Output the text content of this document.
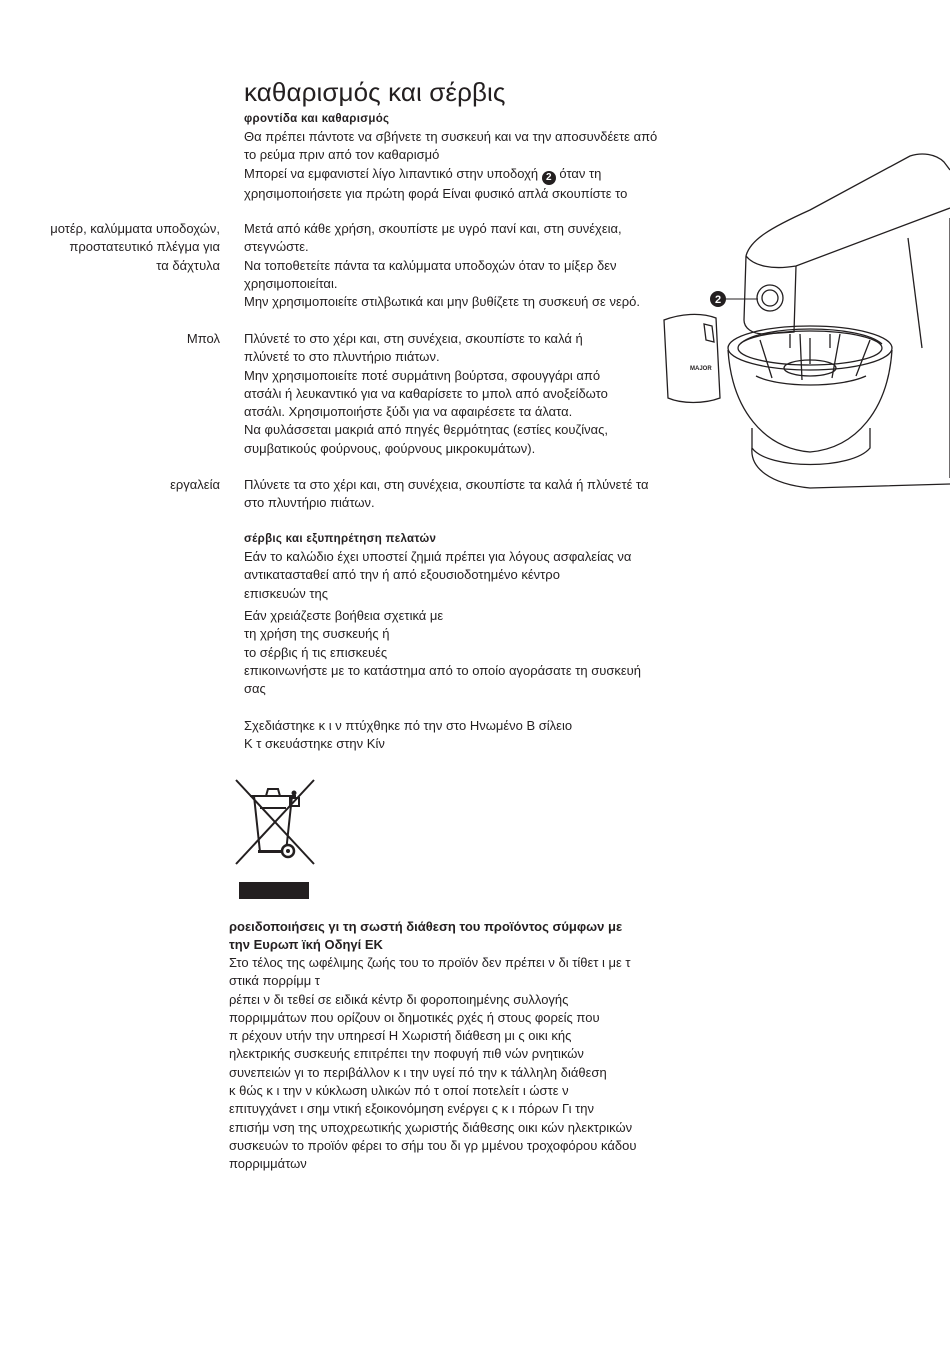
καθαρισμός και σέρβις
φροντίδα και καθαρισμός
Θα πρέπει πάντοτε να σβήνετε τη συσκευή και να την αποσυνδέετε από
το ρεύμα πριν από τον καθαρισμό
Μπορεί να εμφανιστεί λίγο λιπαντικό στην υποδοχή 2 όταν τη
χρησιμοποιήσετε για πρώτη φορά Είναι φυσικό απλά σκουπίστε το
μοτέρ, καλύμματα υποδοχών,
προστατευτικό πλέγμα για
τα δάχτυλα
Μετά από κάθε χρήση, σκουπίστε με υγρό πανί και, στη συνέχεια,
στεγνώστε.
Να τοποθετείτε πάντα τα καλύμματα υποδοχών όταν το μίξερ δεν
χρησιμοποιείται.
Μην χρησιμοποιείτε στιλβωτικά και μην βυθίζετε τη συσκευή σε νερό.
Μπολ Πλύνετέ το στο χέρι και, στη συνέχεια, σκουπίστε το καλά ή
πλύνετέ το στο πλυντήριο πιάτων.
Μην χρησιμοποιείτε ποτέ συρμάτινη βούρτσα, σφουγγάρι από
ατσάλι ή λευκαντικό για να καθαρίσετε το μπολ από ανοξείδωτο
ατσάλι. Χρησιμοποιήστε ξύδι για να αφαιρέσετε τα άλατα.
Να φυλάσσεται μακριά από πηγές θερμότητας (εστίες κουζίνας,
συμβατικούς φούρνους, φούρνους μικροκυμάτων).
εργαλεία Πλύνετε τα στο χέρι και, στη συνέχεια, σκουπίστε τα καλά ή πλύνετέ τα
στο πλυντήριο πιάτων.
σέρβις και εξυπηρέτηση πελατών
Εάν το καλώδιο έχει υποστεί ζημιά πρέπει για λόγους ασφαλείας να
αντικατασταθεί από την ή από εξουσιοδοτημένο κέντρο
επισκευών της
Εάν χρειάζεστε βοήθεια σχετικά με
τη χρήση της συσκευής ή
το σέρβις ή τις επισκευές
επικοινωνήστε με το κατάστημα από το οποίο αγοράσατε τη συσκευή
σας
Σχεδιάστηκε κ ι ν πτύχθηκε πό την στο Ηνωμένο Β σίλειο
Κ τ σκευάστηκε στην Κίν
ροειδοποιήσεις γι τη σωστή διάθεση του προϊόντος σύμφων με
την Ευρωπ ϊκή Οδηγί ΕΚ
Στο τέλος της ωφέλιμης ζωής του το προϊόν δεν πρέπει ν δι τίθετ ι με τ
στικά πορρίμμ τ
ρέπει ν δι τεθεί σε ειδικά κέντρ δι φοροποιημένης συλλογής
πορριμμάτων που ορίζουν οι δημοτικές ρχές ή στους φορείς που
π ρέχουν υτήν την υπηρεσί Η Χωριστή διάθεση μι ς οικι κής
ηλεκτρικής συσκευής επιτρέπει την ποφυγή πιθ νών ρνητικών
συνεπειών γι το περιβάλλον κ ι την υγεί πό την κ τάλληλη διάθεση
κ θώς κ ι την ν κύκλωση υλικών πό τ οποί ποτελείτ ι ώστε ν
επιτυγχάνετ ι σημ ντική εξοικονόμηση ενέργει ς κ ι πόρων Γι την
επισήμ νση της υποχρεωτικής χωριστής διάθεσης οικι κών ηλεκτρικών
συσκευών το προϊόν φέρει το σήμ του δι γρ μμένου τροχοφόρου κάδου
πορριμμάτων
MAJOR
2
